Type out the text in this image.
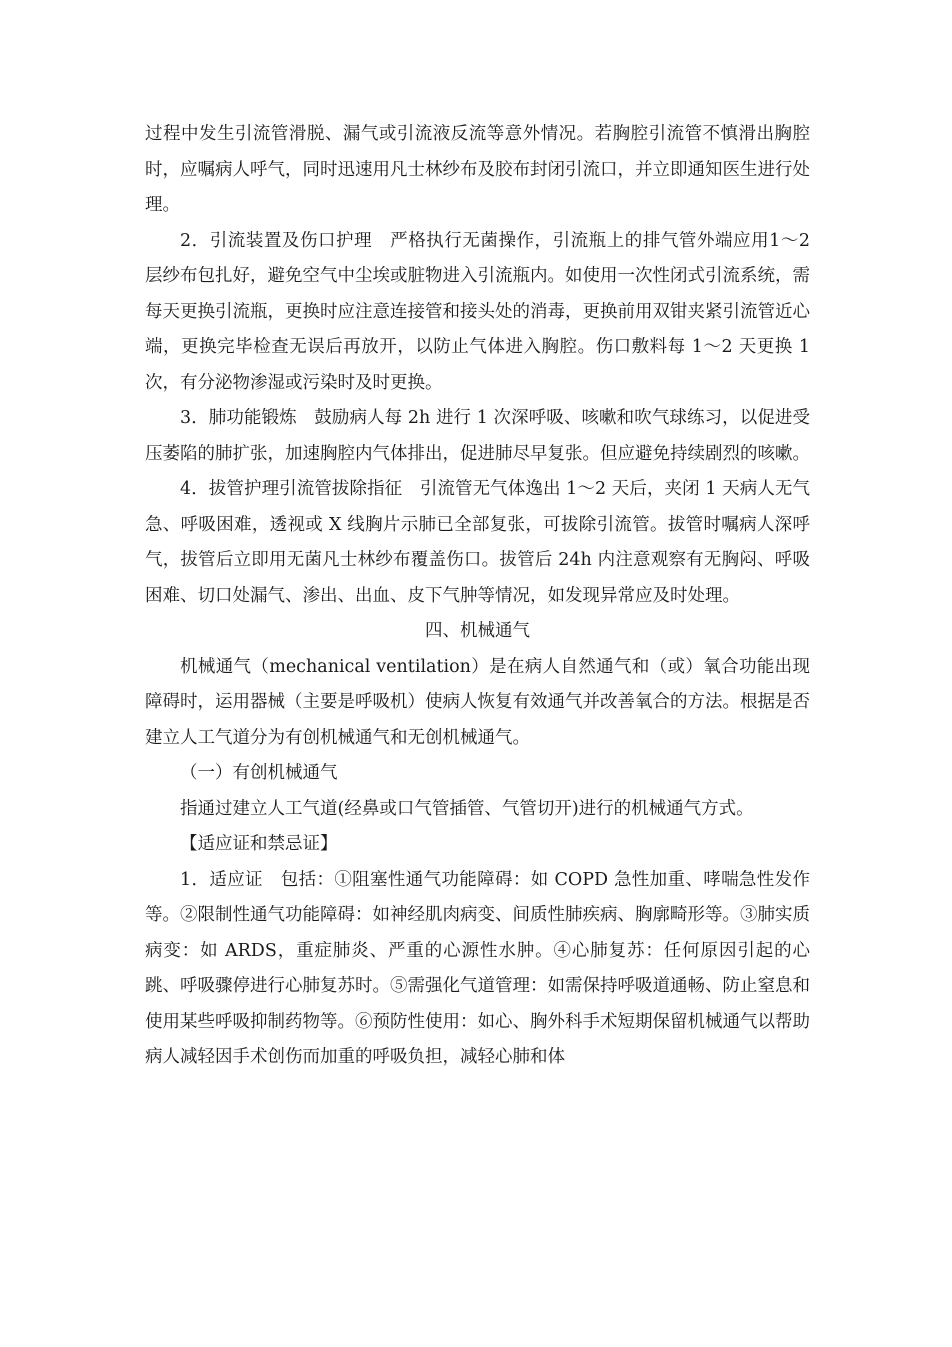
过程中发生引流管滑脱、漏气或引流液反流等意外情况。若胸腔引流管不慎滑出胸腔时，应嘱病人呼气，同时迅速用凡士林纱布及胶布封闭引流口，并立即通知医生进行处理。

2．引流装置及伤口护理　严格执行无菌操作，引流瓶上的排气管外端应用1～2 层纱布包扎好，避免空气中尘埃或脏物进入引流瓶内。如使用一次性闭式引流系统，需每天更换引流瓶，更换时应注意连接管和接头处的消毒，更换前用双钳夹紧引流管近心端，更换完毕检查无误后再放开，以防止气体进入胸腔。伤口敷料每 1～2 天更换 1 次，有分泌物渗湿或污染时及时更换。

3．肺功能锻炼　鼓励病人每 2h 进行 1 次深呼吸、咳嗽和吹气球练习，以促进受压萎陷的肺扩张，加速胸腔内气体排出，促进肺尽早复张。但应避免持续剧烈的咳嗽。

4．拔管护理引流管拔除指征　引流管无气体逸出 1～2 天后，夹闭 1 天病人无气急、呼吸困难，透视或 X 线胸片示肺已全部复张，可拔除引流管。拔管时嘱病人深呼气，拔管后立即用无菌凡士林纱布覆盖伤口。拔管后 24h 内注意观察有无胸闷、呼吸困难、切口处漏气、渗出、出血、皮下气肿等情况，如发现异常应及时处理。

四、机械通气

机械通气（mechanical ventilation）是在病人自然通气和（或）氧合功能出现障碍时，运用器械（主要是呼吸机）使病人恢复有效通气并改善氧合的方法。根据是否建立人工气道分为有创机械通气和无创机械通气。

（一）有创机械通气

指通过建立人工气道(经鼻或口气管插管、气管切开)进行的机械通气方式。

【适应证和禁忌证】

1．适应证　包括：①阻塞性通气功能障碍：如 COPD 急性加重、哮喘急性发作等。②限制性通气功能障碍：如神经肌肉病变、间质性肺疾病、胸廓畸形等。③肺实质病变：如 ARDS，重症肺炎、严重的心源性水肿。④心肺复苏：任何原因引起的心跳、呼吸骤停进行心肺复苏时。⑤需强化气道管理：如需保持呼吸道通畅、防止窒息和使用某些呼吸抑制药物等。⑥预防性使用：如心、胸外科手术短期保留机械通气以帮助病人减轻因手术创伤而加重的呼吸负担，减轻心肺和体
